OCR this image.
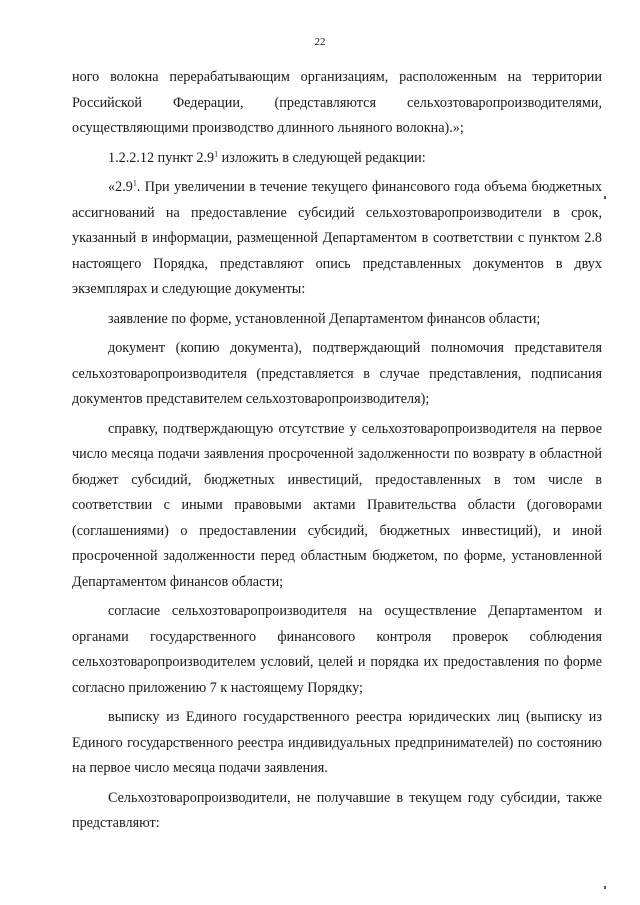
22

ного волокна перерабатывающим организациям, расположенным на территории Российской Федерации, (представляются сельхозтоваропроизводителями, осуществляющими производство длинного льняного волокна).»;

1.2.2.12 пункт $2.9^1$ изложить в следующей редакции:

«$2.9^1$. При увеличении в течение текущего финансового года объема бюджетных ассигнований на предоставление субсидий сельхозтоваропроизводители в срок, указанный в информации, размещенной Департаментом в соответствии с пунктом 2.8 настоящего Порядка, представляют опись представленных документов в двух экземплярах и следующие документы:

заявление по форме, установленной Департаментом финансов области;

документ (копию документа), подтверждающий полномочия представителя сельхозтоваропроизводителя (представляется в случае представления, подписания документов представителем сельхозтоваропроизводителя);

справку, подтверждающую отсутствие у сельхозтоваропроизводителя на первое число месяца подачи заявления просроченной задолженности по возврату в областной бюджет субсидий, бюджетных инвестиций, предоставленных в том числе в соответствии с иными правовыми актами Правительства области (договорами (соглашениями) о предоставлении субсидий, бюджетных инвестиций), и иной просроченной задолженности перед областным бюджетом, по форме, установленной Департаментом финансов области;

согласие сельхозтоваропроизводителя на осуществление Департаментом и органами государственного финансового контроля проверок соблюдения сельхозтоваропроизводителем условий, целей и порядка их предоставления по форме согласно приложению 7 к настоящему Порядку;

выписку из Единого государственного реестра юридических лиц (выписку из Единого государственного реестра индивидуальных предпринимателей) по состоянию на первое число месяца подачи заявления.

Сельхозтоваропроизводители, не получавшие в текущем году субсидии, также представляют:
